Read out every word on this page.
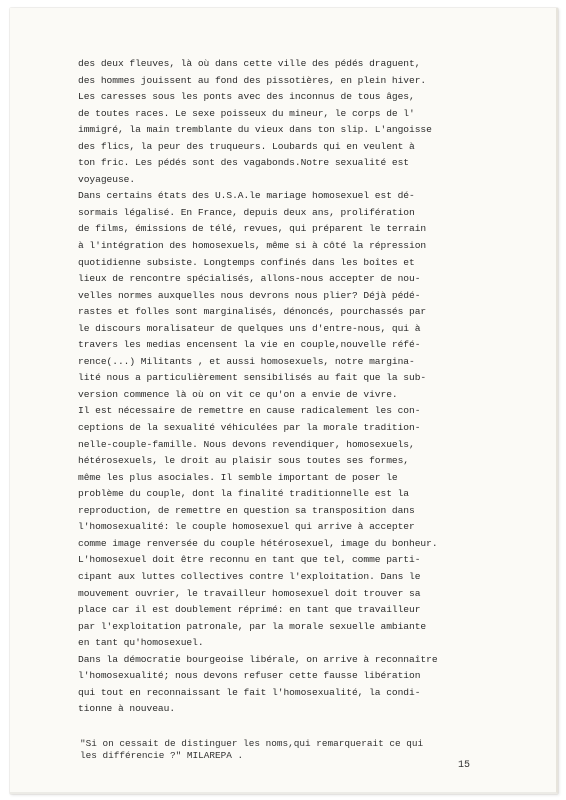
des deux fleuves, là où dans cette ville des pédés draguent,
des hommes jouissent au fond des pissotières, en plein hiver.
Les caresses sous les ponts avec des inconnus de tous âges,
de toutes races. Le sexe poisseux du mineur, le corps de l'
immigré, la main tremblante du vieux dans ton slip. L'angoisse
des flics, la peur des truqueurs. Loubards qui en veulent à
ton fric. Les pédés sont des vagabonds.Notre sexualité est
voyageuse.
Dans certains états des U.S.A.le mariage homosexuel est dé-
sormais légalisé. En France, depuis deux ans, prolifération
de films, émissions de télé, revues, qui préparent le terrain
à l'intégration des homosexuels, même si à côté la répression
quotidienne subsiste. Longtemps confinés dans les boîtes et
lieux de rencontre spécialisés, allons-nous accepter de nou-
velles normes auxquelles nous devrons nous plier? Déjà pédé-
rastes et folles sont marginalisés, dénoncés, pourchassés par
le discours moralisateur de quelques uns d'entre-nous, qui à
travers les medias encensent la vie en couple,nouvelle réfé-
rence(...) Militants , et aussi homosexuels, notre margina-
lité nous a particulièrement sensibilisés au fait que la sub-
version commence là où on vit ce qu'on a envie de vivre.
Il est nécessaire de remettre en cause radicalement les con-
ceptions de la sexualité véhiculées par la morale tradition-
nelle-couple-famille. Nous devons revendiquer, homosexuels,
hétérosexuels, le droit au plaisir sous toutes ses formes,
même les plus asociales. Il semble important de poser le
problème du couple, dont la finalité traditionnelle est la
reproduction, de remettre en question sa transposition dans
l'homosexualité: le couple homosexuel qui arrive à accepter
comme image renversée du couple hétérosexuel, image du bonheur.
L'homosexuel doit être reconnu en tant que tel, comme parti-
cipant aux luttes collectives contre l'exploitation. Dans le
mouvement ouvrier, le travailleur homosexuel doit trouver sa
place car il est doublement réprimé: en tant que travailleur
par l'exploitation patronale, par la morale sexuelle ambiante
en tant qu'homosexuel.
Dans la démocratie bourgeoise libérale, on arrive à reconnaître
l'homosexualité; nous devons refuser cette fausse libération
qui tout en reconnaissant le fait l'homosexualité, la condi-
tionne à nouveau.
"Si on cessait de distinguer les noms,qui remarquerait ce qui
les différencie ?" MILAREPA .
15
